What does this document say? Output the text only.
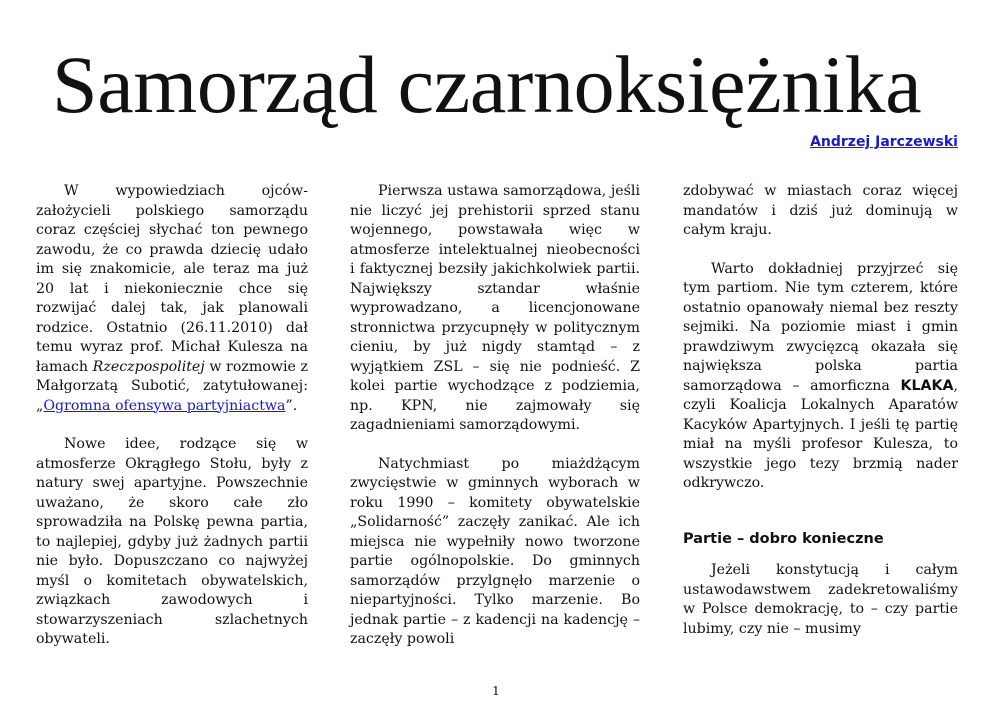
Samorząd czarnoksiężnika
Andrzej Jarczewski

W wypowiedziach ojców-założycieli polskiego samorządu coraz częściej słychać ton pewnego zawodu, że co prawda dziecię udało im się znakomicie, ale teraz ma już 20 lat i niekoniecznie chce się rozwijać dalej tak, jak planowali rodzice. Ostatnio (26.11.2010) dał temu wyraz prof. Michał Kulesza na łamach Rzeczpospolitej w rozmowie z Małgorzatą Subotić, zatytułowanej: „Ogromna ofensywa partyjniactwa”.

Nowe idee, rodzące się w atmosferze Okrągłego Stołu, były z natury swej apartyjne. Powszechnie uważano, że skoro całe zło sprowadziła na Polskę pewna partia, to najlepiej, gdyby już żadnych partii nie było. Dopuszczano co najwyżej myśl o komitetach obywatelskich, związkach zawodowych i stowarzyszeniach szlachetnych obywateli.

Pierwsza ustawa samorządowa, jeśli nie liczyć jej prehistorii sprzed stanu wojennego, powstawała więc w atmosferze intelektualnej nieobecności i faktycznej bezsiły jakichkolwiek partii. Największy sztandar właśnie wyprowadzano, a licencjonowane stronnictwa przycupnęły w politycznym cieniu, by już nigdy stamtąd – z wyjątkiem ZSL – się nie podnieść. Z kolei partie wychodzące z podziemia, np. KPN, nie zajmowały się zagadnieniami samorządowymi.

Natychmiast po miażdżącym zwycięstwie w gminnych wyborach w roku 1990 – komitety obywatelskie „Solidarność” zaczęły zanikać. Ale ich miejsca nie wypełniły nowo tworzone partie ogólnopolskie. Do gminnych samorządów przylgnęło marzenie o niepartyjności. Tylko marzenie. Bo jednak partie – z kadencji na kadencję – zaczęły powoli

zdobywać w miastach coraz więcej mandatów i dziś już dominują w całym kraju.

Warto dokładniej przyjrzeć się tym partiom. Nie tym czterem, które ostatnio opanowały niemal bez reszty sejmiki. Na poziomie miast i gmin prawdziwym zwycięzcą okazała się największa polska partia samorządowa – amorficzna KLAKA, czyli Koalicja Lokalnych Aparatów Kacyków Apartyjnych. I jeśli tę partię miał na myśli profesor Kulesza, to wszystkie jego tezy brzmią nader odkrywczo.

Partie – dobro konieczne

Jeżeli konstytucją i całym ustawodawstwem zadekretowaliśmy w Polsce demokrację, to – czy partie lubimy, czy nie – musimy

1
